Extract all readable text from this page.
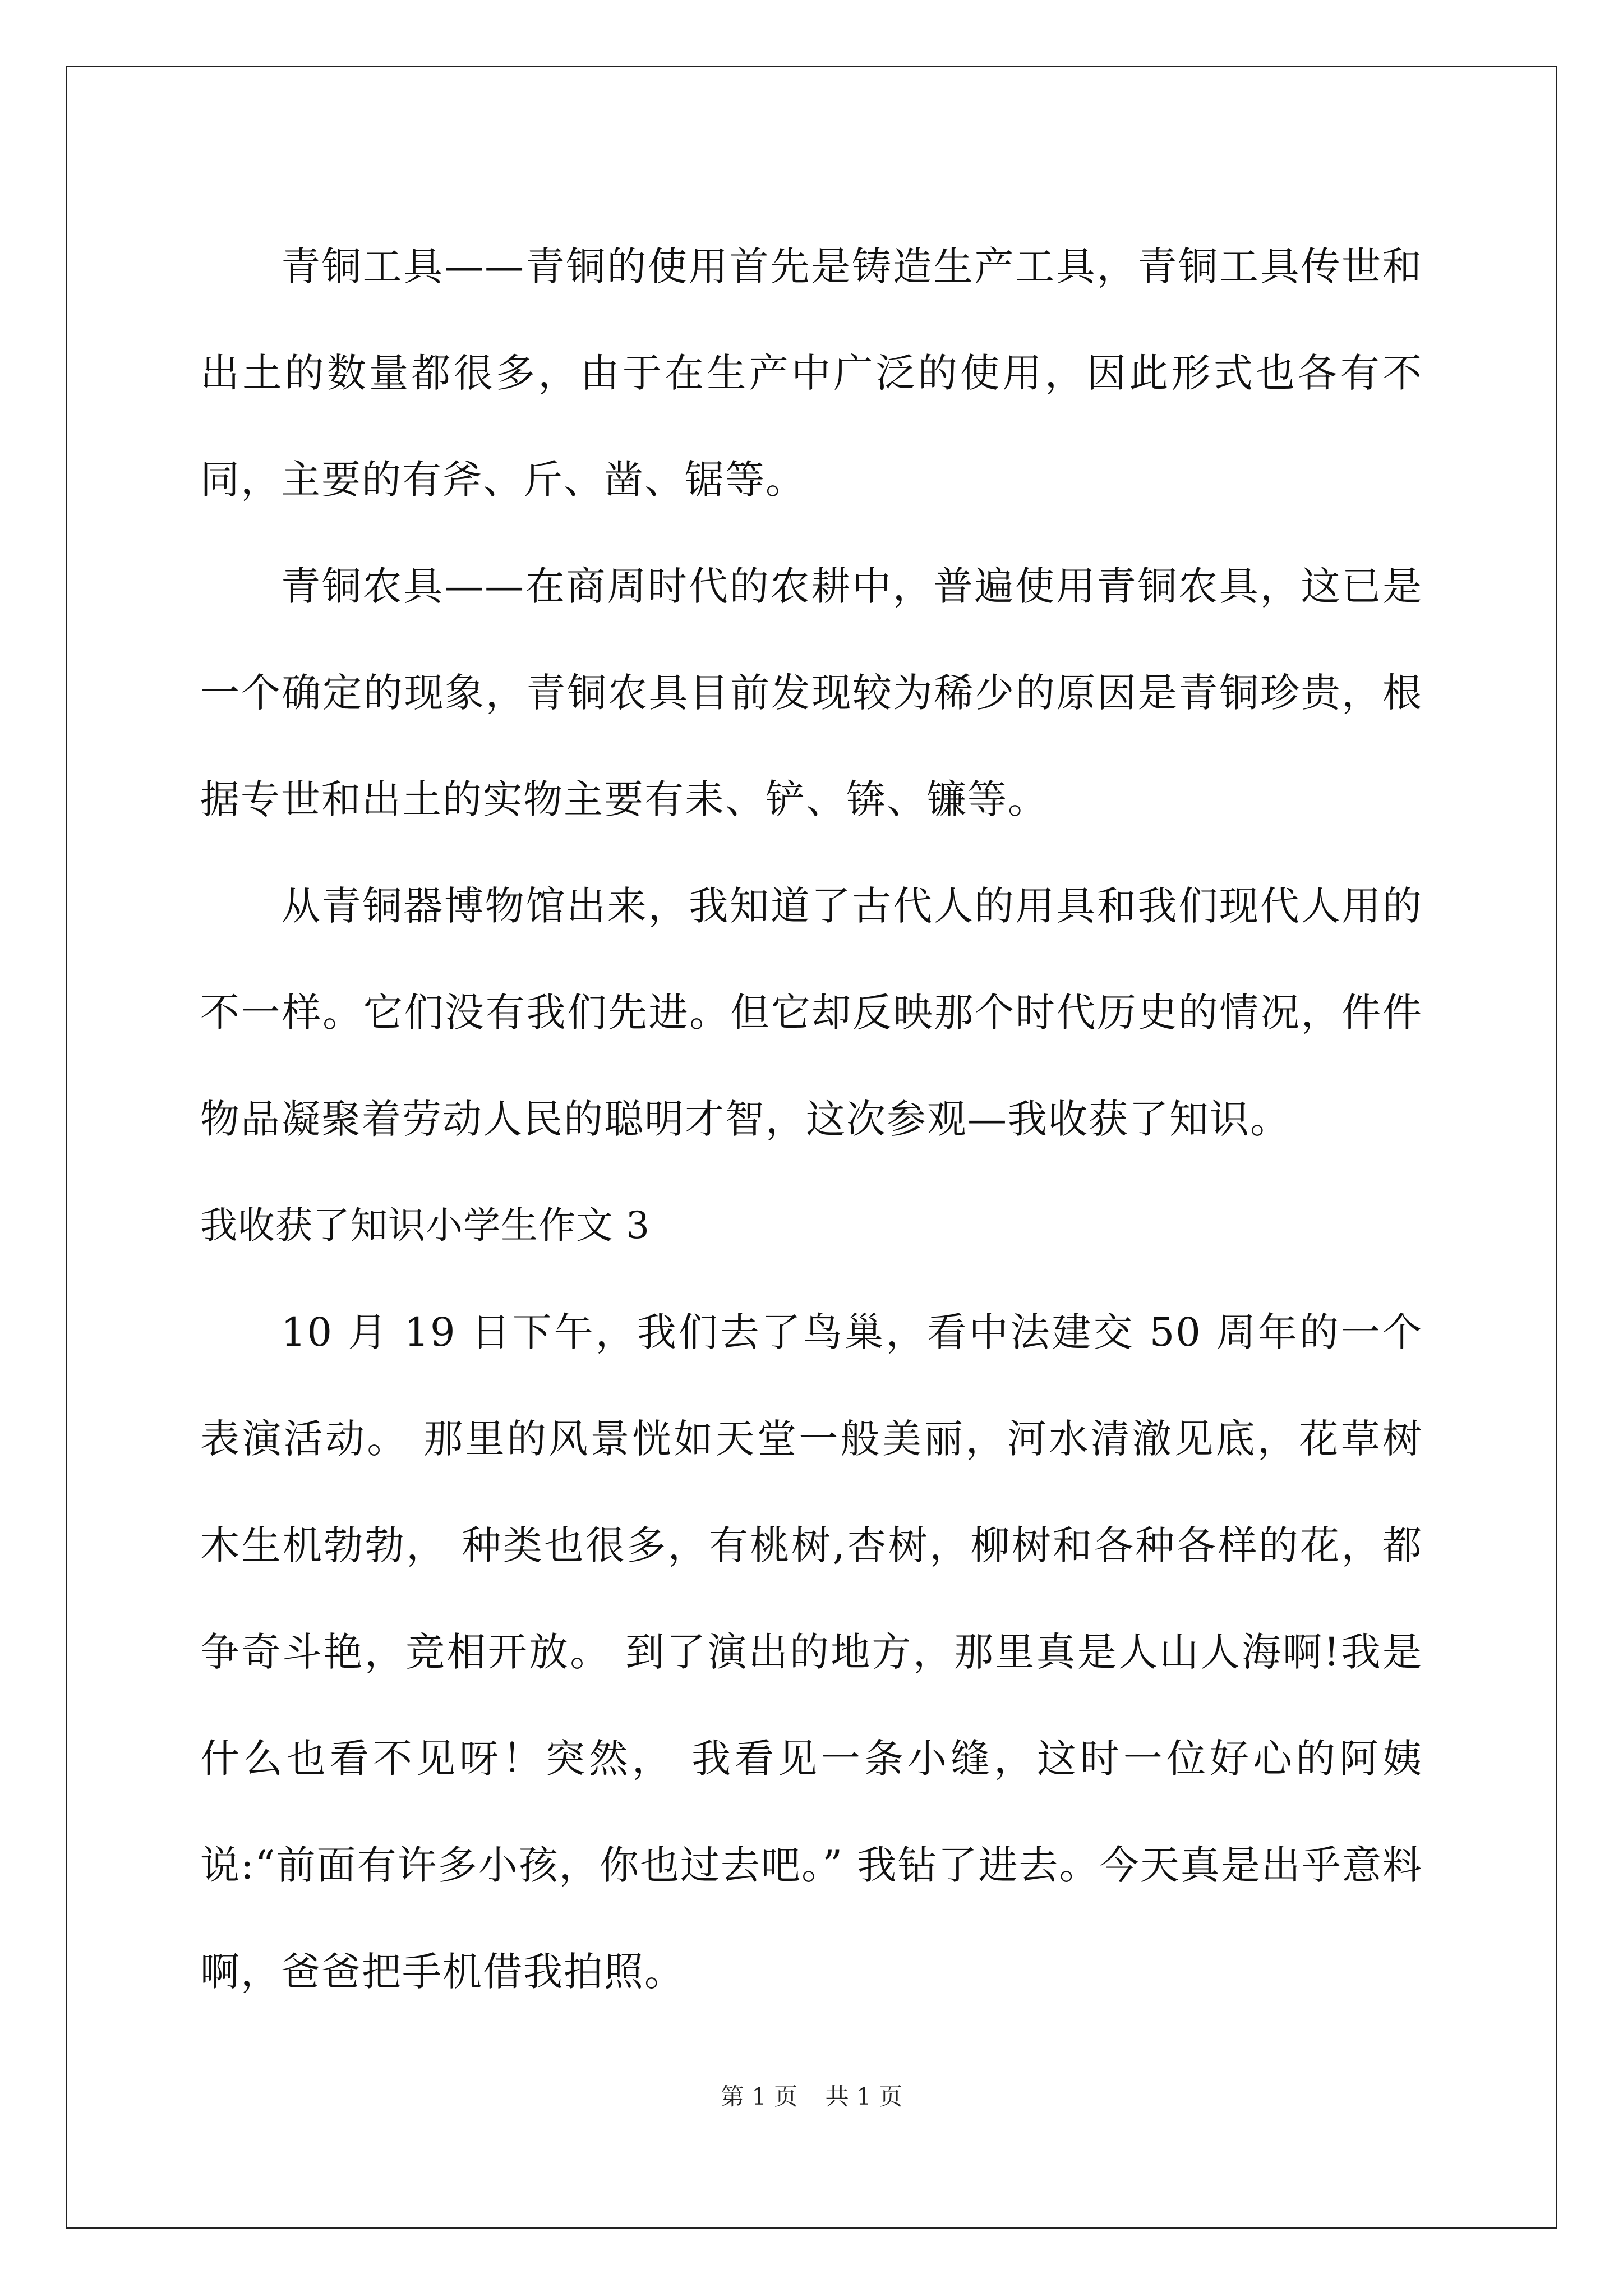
青铜工具——青铜的使用首先是铸造生产工具，青铜工具传世和出土的数量都很多，由于在生产中广泛的使用，因此形式也各有不同，主要的有斧、斤、凿、锯等。

青铜农具——在商周时代的农耕中，普遍使用青铜农具，这已是一个确定的现象，青铜农具目前发现较为稀少的原因是青铜珍贵，根据专世和出土的实物主要有耒、铲、锛、镰等。

从青铜器博物馆出来，我知道了古代人的用具和我们现代人用的不一样。它们没有我们先进。但它却反映那个时代历史的情况，件件物品凝聚着劳动人民的聪明才智，这次参观—我收获了知识。

我收获了知识小学生作文 3

10 月 19 日下午，我们去了鸟巢，看中法建交 50 周年的一个表演活动。 那里的风景恍如天堂一般美丽，河水清澈见底，花草树木生机勃勃， 种类也很多，有桃树,杏树，柳树和各种各样的花，都争奇斗艳，竞相开放。 到了演出的地方，那里真是人山人海啊!我是什么也看不见呀！突然， 我看见一条小缝，这时一位好心的阿姨说:“前面有许多小孩，你也过去吧。” 我钻了进去。今天真是出乎意料啊，爸爸把手机借我拍照。

第 1 页 共 1 页
